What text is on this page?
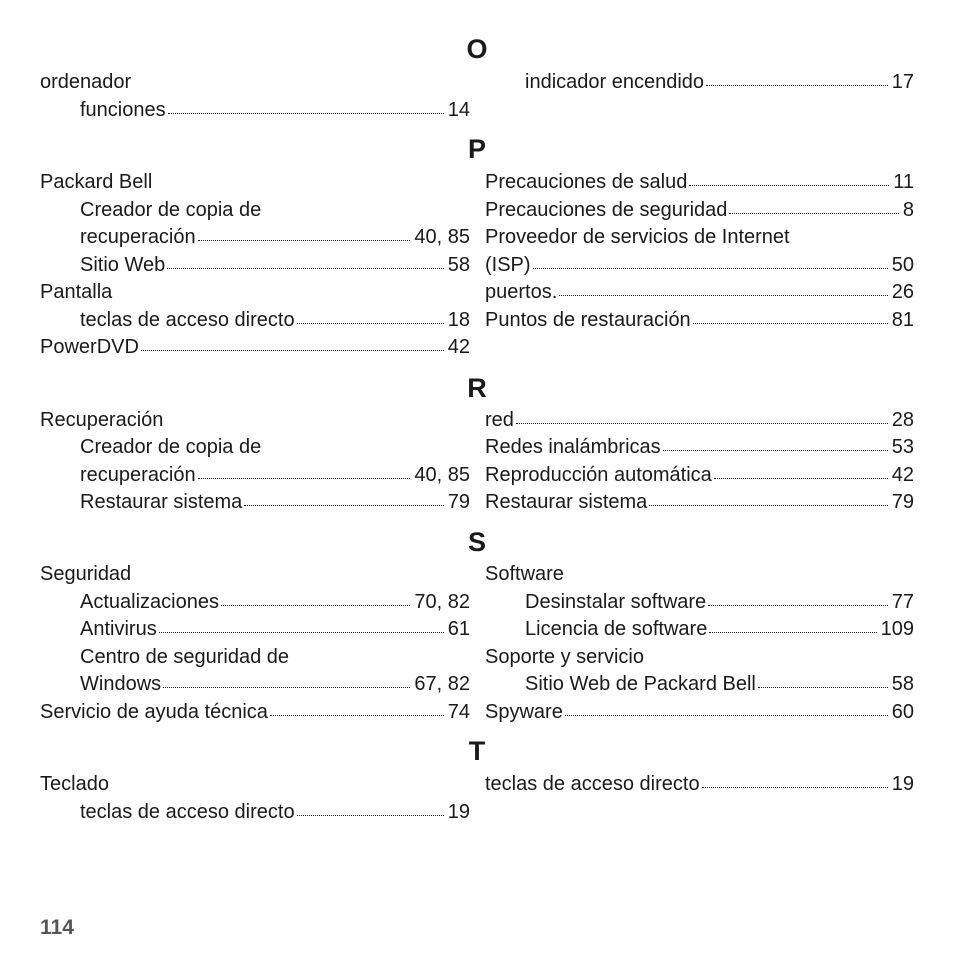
O
P
R
S
T
ordenador
funciones	14
indicador encendido	17
Packard Bell
Creador de copia de
recuperación	40, 85
Sitio Web	58
Pantalla
teclas de acceso directo	18
PowerDVD	42
Precauciones de salud	11
Precauciones de seguridad	8
Proveedor de servicios de Internet
(ISP)	50
puertos.	26
Puntos de restauración	81
Recuperación
Creador de copia de
recuperación	40, 85
Restaurar sistema	79
red	28
Redes inalámbricas	53
Reproducción automática	42
Restaurar sistema	79
Seguridad
Actualizaciones	70, 82
Antivirus	61
Centro de seguridad de
Windows	67, 82
Servicio de ayuda técnica	74
Software
Desinstalar software	77
Licencia de software	109
Soporte y servicio
Sitio Web de Packard Bell	58
Spyware	60
Teclado
teclas de acceso directo	19
teclas de acceso directo	19
114
